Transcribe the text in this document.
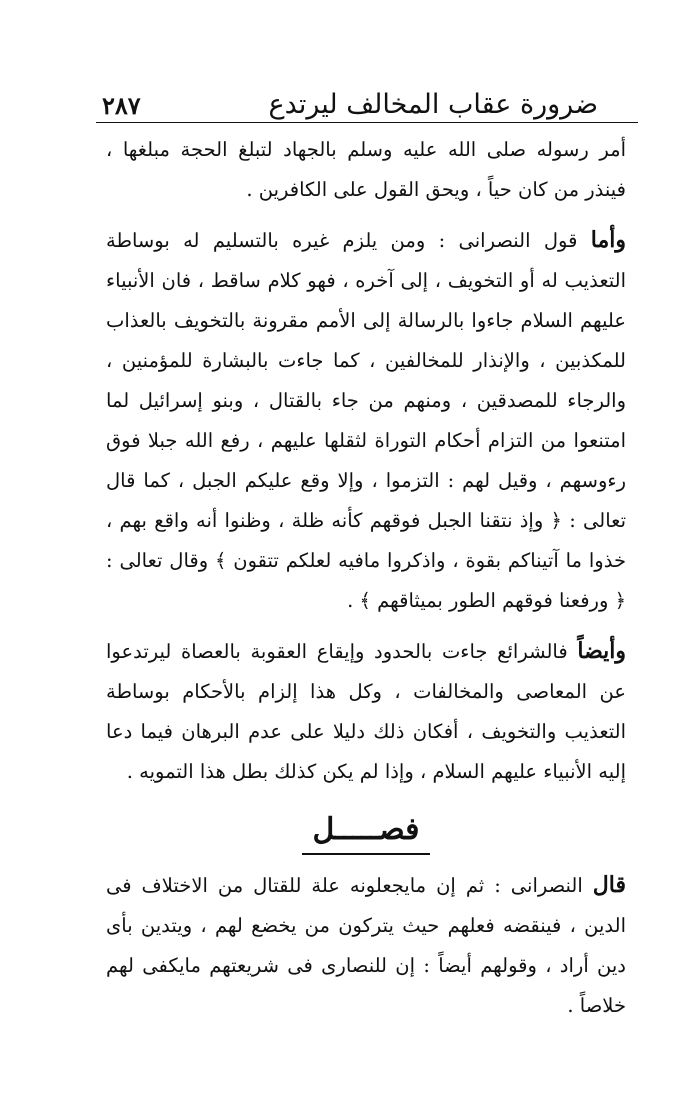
٢٨٧	ضرورة عقاب المخالف ليرتدع

أمر رسوله صلى الله عليه وسلم بالجهاد لتبلغ الحجة مبلغها ، فينذر من كان حياً ، ويحق القول على الكافرين .

وأما قول النصرانى : ومن يلزم غيره بالتسليم له بوساطة التعذيب له أو التخويف ، إلى آخره ، فهو كلام ساقط ، فان الأنبياء عليهم السلام جاءوا بالرسالة إلى الأمم مقرونة بالتخويف بالعذاب للمكذبين ، والإنذار للمخالفين ، كما جاءت بالبشارة للمؤمنين ، والرجاء للمصدقين ، ومنهم من جاء بالقتال ، وبنو إسرائيل لما امتنعوا من التزام أحكام التوراة لثقلها عليهم ، رفع الله جبلا فوق رءوسهم ، وقيل لهم : التزموا ، وإلا وقع عليكم الجبل ، كما قال تعالى : ﴿ وإذ نتقنا الجبل فوقهم كأنه ظلة ، وظنوا أنه واقع بهم ، خذوا ما آتيناكم بقوة ، واذكروا مافيه لعلكم تتقون ﴾ وقال تعالى : ﴿ ورفعنا فوقهم الطور بميثاقهم ﴾ .

وأيضاً فالشرائع جاءت بالحدود وإيقاع العقوبة بالعصاة ليرتدعوا عن المعاصى والمخالفات ، وكل هذا إلزام بالأحكام بوساطة التعذيب والتخويف ، أفكان ذلك دليلا على عدم البرهان فيما دعا إليه الأنبياء عليهم السلام ، وإذا لم يكن كذلك بطل هذا التمويه .

فصـــــل

قال النصرانى : ثم إن مايجعلونه علة للقتال من الاختلاف فى الدين ، فينقضه فعلهم حيث يتركون من يخضع لهم ، ويتدين بأى دين أراد ، وقولهم أيضاً : إن للنصارى فى شريعتهم مايكفى لهم خلاصاً .
